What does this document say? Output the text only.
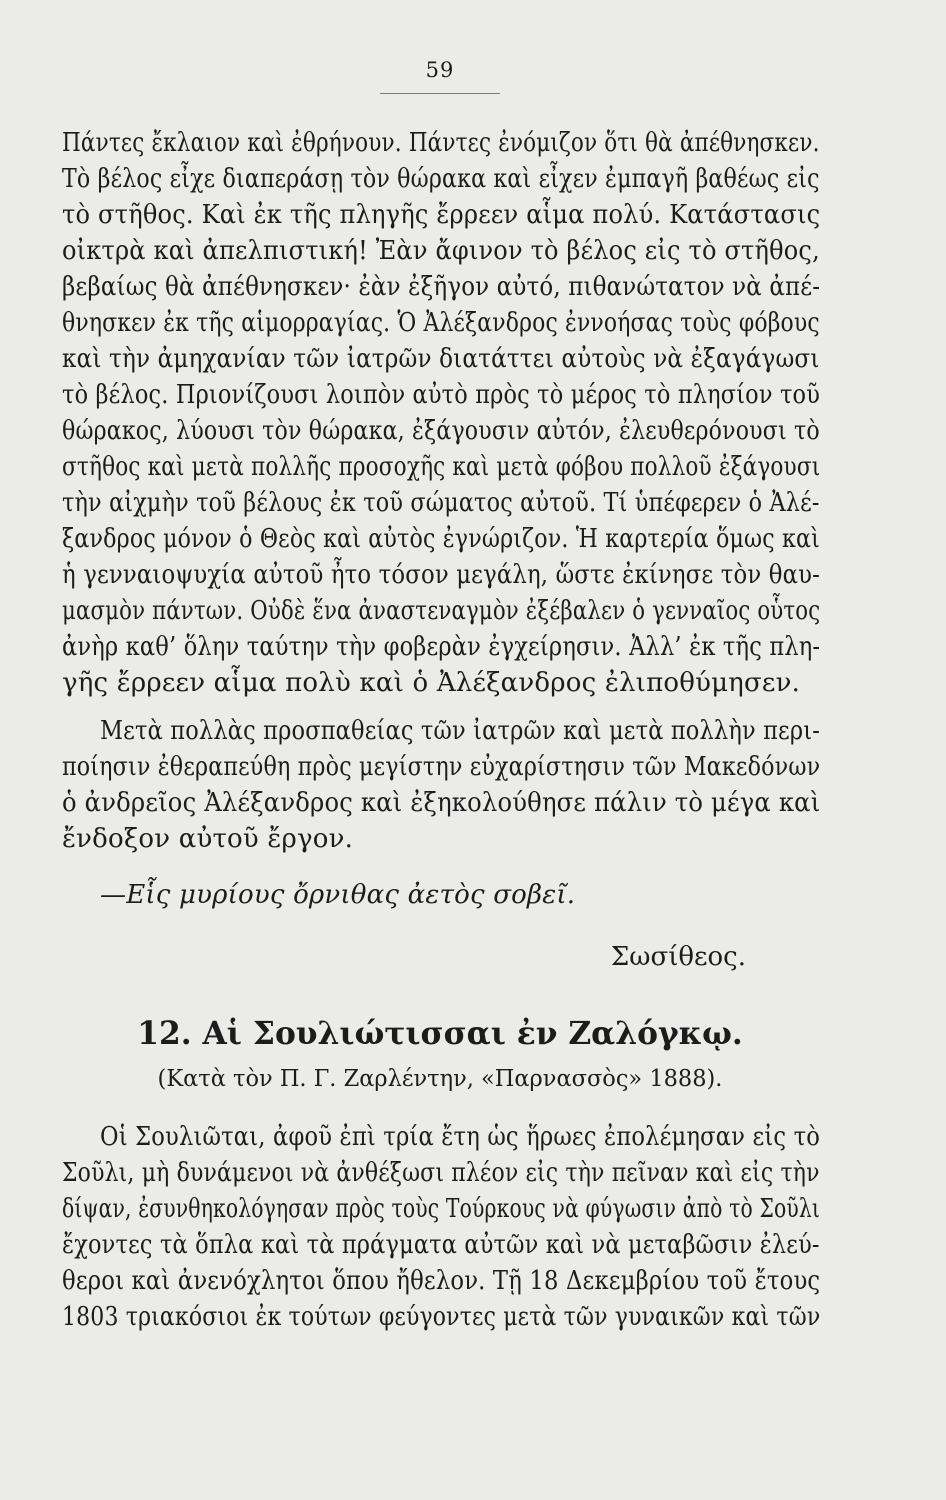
59
Πάντες ἔκλαιον καὶ ἐθρήνουν. Πάντες ἐνόμιζον ὅτι θὰ ἀπέθνησκεν.
Τὸ βέλος εἶχε διαπεράσῃ τὸν θώρακα καὶ εἶχεν ἐμπαγῆ βαθέως εἰς
τὸ στῆθος. Καὶ ἐκ τῆς πληγῆς ἔρρεεν αἷμα πολύ. Κατάστασις
οἰκτρὰ καὶ ἀπελπιστική! Ἐὰν ἄφινον τὸ βέλος εἰς τὸ στῆθος,
βεβαίως θὰ ἀπέθνησκεν· ἐὰν ἐξῆγον αὐτό, πιθανώτατον νὰ ἀπέ-
θνησκεν ἐκ τῆς αἱμορραγίας. Ὁ Ἀλέξανδρος ἐννοήσας τοὺς φόβους
καὶ τὴν ἀμηχανίαν τῶν ἰατρῶν διατάττει αὐτοὺς νὰ ἐξαγάγωσι
τὸ βέλος. Πριονίζουσι λοιπὸν αὐτὸ πρὸς τὸ μέρος τὸ πλησίον τοῦ
θώρακος, λύουσι τὸν θώρακα, ἐξάγουσιν αὐτόν, ἐλευθερόνουσι τὸ
στῆθος καὶ μετὰ πολλῆς προσοχῆς καὶ μετὰ φόβου πολλοῦ ἐξάγουσι
τὴν αἰχμὴν τοῦ βέλους ἐκ τοῦ σώματος αὐτοῦ. Τί ὑπέφερεν ὁ Ἀλέ-
ξανδρος μόνον ὁ Θεὸς καὶ αὐτὸς ἐγνώριζον. Ἡ καρτερία ὅμως καὶ
ἡ γενναιοψυχία αὐτοῦ ἦτο τόσον μεγάλη, ὥστε ἐκίνησε τὸν θαυ-
μασμὸν πάντων. Οὐδὲ ἕνα ἀναστεναγμὸν ἐξέβαλεν ὁ γενναῖος οὗτος
ἀνὴρ καθ’ ὅλην ταύτην τὴν φοβερὰν ἐγχείρησιν. Ἀλλ’ ἐκ τῆς πλη-
γῆς ἔρρεεν αἷμα πολὺ καὶ ὁ Ἀλέξανδρος ἐλιποθύμησεν.
Μετὰ πολλὰς προσπαθείας τῶν ἰατρῶν καὶ μετὰ πολλὴν περι-
ποίησιν ἐθεραπεύθη πρὸς μεγίστην εὐχαρίστησιν τῶν Μακεδόνων
ὁ ἀνδρεῖος Ἀλέξανδρος καὶ ἐξηκολούθησε πάλιν τὸ μέγα καὶ
ἔνδοξον αὐτοῦ ἔργον.
—Εἷς μυρίους ὄρνιθας ἀετὸς σοβεῖ.
Σωσίθεος.
12. Αἱ Σουλιώτισσαι ἐν Ζαλόγκῳ.
(Κατὰ τὸν Π. Γ. Ζαρλέντην, «Παρνασσὸς» 1888).
Οἱ Σουλιῶται, ἀφοῦ ἐπὶ τρία ἔτη ὡς ἥρωες ἐπολέμησαν εἰς τὸ
Σοῦλι, μὴ δυνάμενοι νὰ ἀνθέξωσι πλέον εἰς τὴν πεῖναν καὶ εἰς τὴν
δίψαν, ἐσυνθηκολόγησαν πρὸς τοὺς Τούρκους νὰ φύγωσιν ἀπὸ τὸ Σοῦλι
ἔχοντες τὰ ὅπλα καὶ τὰ πράγματα αὐτῶν καὶ νὰ μεταβῶσιν ἐλεύ-
θεροι καὶ ἀνενόχλητοι ὅπου ἤθελον. Τῇ 18 Δεκεμβρίου τοῦ ἔτους
1803 τριακόσιοι ἐκ τούτων φεύγοντες μετὰ τῶν γυναικῶν καὶ τῶν
